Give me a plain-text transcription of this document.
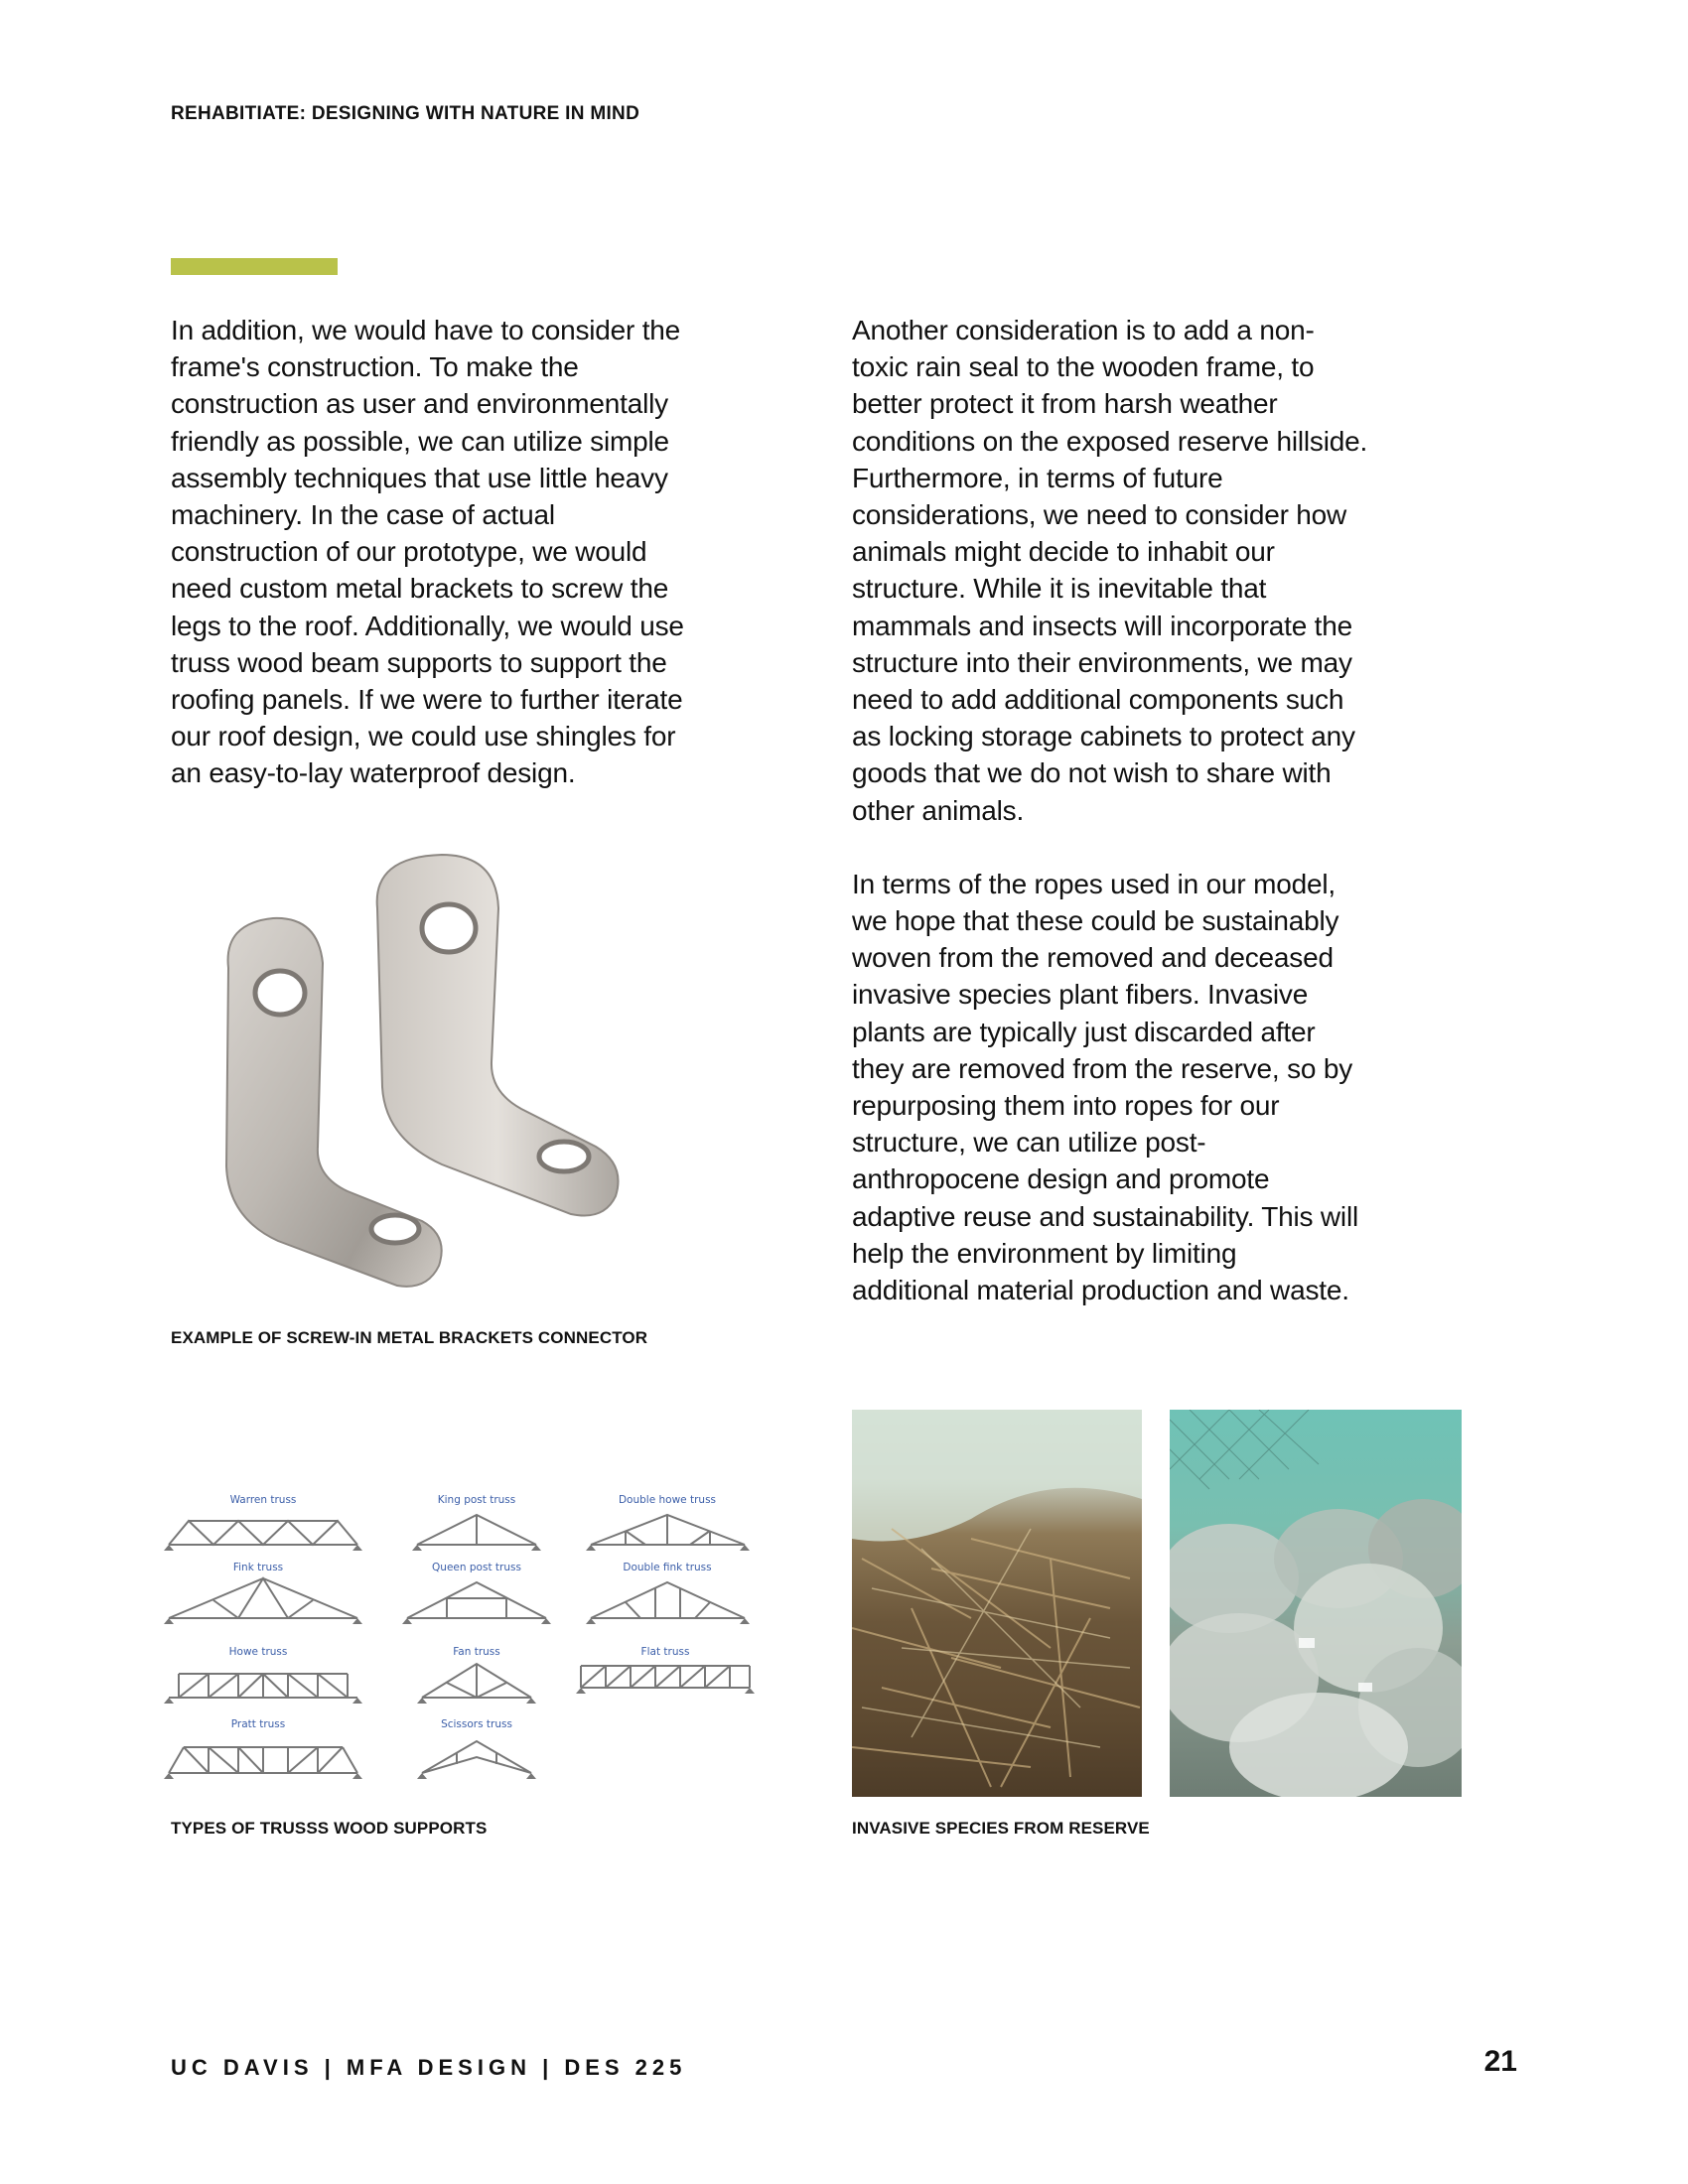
REHABITIATE: DESIGNING WITH NATURE IN MIND

In addition, we would have to consider the
frame's construction. To make the
construction as user and environmentally
friendly as possible, we can utilize simple
assembly techniques that use little heavy
machinery. In the case of actual
construction of our prototype, we would
need custom metal brackets to screw the
legs to the roof. Additionally, we would use
truss wood beam supports to support the
roofing panels. If we were to further iterate
our roof design, we could use shingles for
an easy-to-lay waterproof design.

Another consideration is to add a non-
toxic rain seal to the wooden frame, to
better protect it from harsh weather
conditions on the exposed reserve hillside.
Furthermore, in terms of future
considerations, we need to consider how
animals might decide to inhabit our
structure. While it is inevitable that
mammals and insects will incorporate the
structure into their environments, we may
need to add additional components such
as locking storage cabinets to protect any
goods that we do not wish to share with
other animals.

In terms of the ropes used in our model,
we hope that these could be sustainably
woven from the removed and deceased
invasive species plant fibers. Invasive
plants are typically just discarded after
they are removed from the reserve, so by
repurposing them into ropes for our
structure, we can utilize post-
anthropocene design and promote
adaptive reuse and sustainability. This will
help the environment by limiting
additional material production and waste.

EXAMPLE OF SCREW-IN METAL BRACKETS CONNECTOR
Warren truss	King post truss	Double howe truss
Fink truss	Queen post truss	Double fink truss
Howe truss	Fan truss	Flat truss
Pratt truss	Scissors truss
TYPES OF TRUSSS WOOD SUPPORTS	INVASIVE SPECIES FROM RESERVE
UC DAVIS | MFA DESIGN | DES 225	21
